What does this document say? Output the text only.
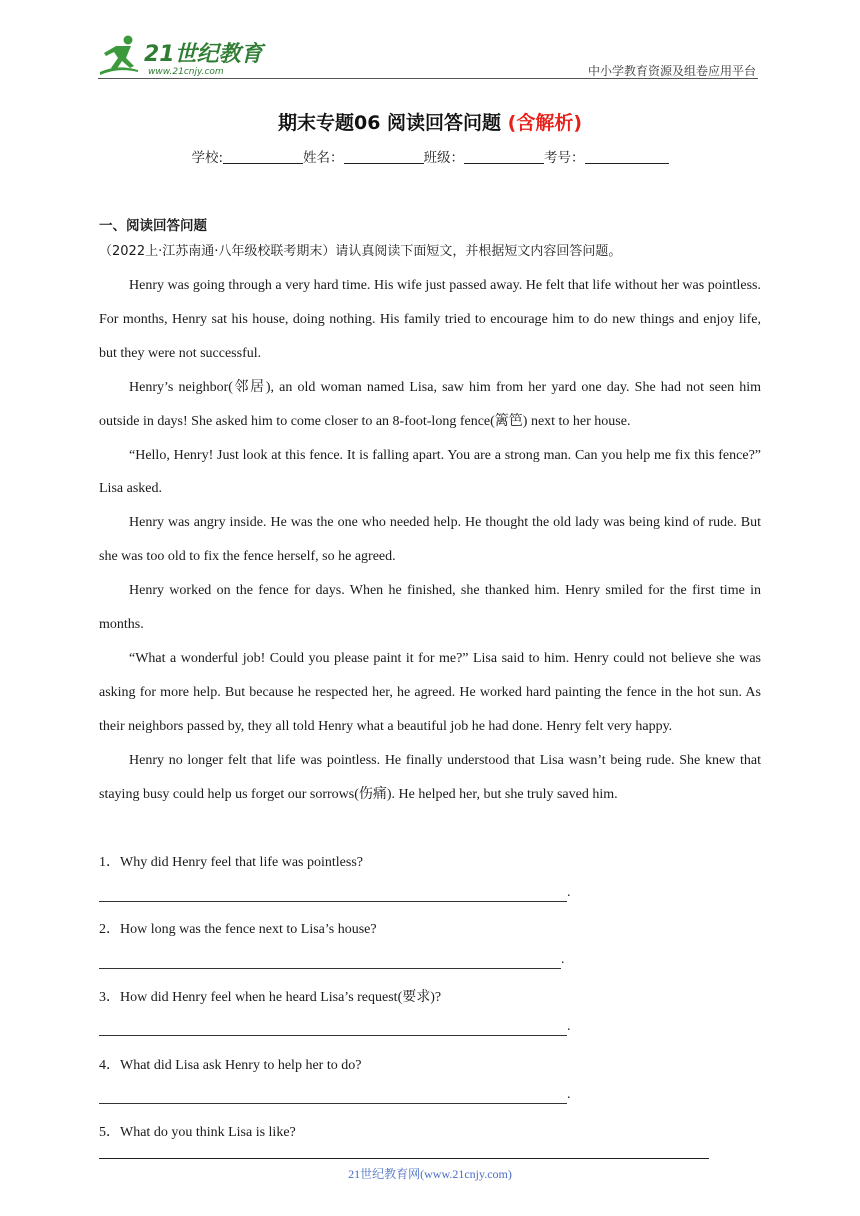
21世纪教育
www.21cnjy.com	中小学教育资源及组卷应用平台
期末专题06 阅读回答问题 (含解析)
学校:	姓名：	班级：	考号：
一、阅读回答问题
（2022上·江苏南通·八年级校联考期末）请认真阅读下面短文，并根据短文内容回答问题。

Henry was going through a very hard time. His wife just passed away. He felt that life without her was pointless. For months, Henry sat his house, doing nothing. His family tried to encourage him to do new things and enjoy life, but they were not successful.

Henry’s neighbor(邻居), an old woman named Lisa, saw him from her yard one day. She had not seen him outside in days! She asked him to come closer to an 8-foot-long fence(篱笆) next to her house.

“Hello, Henry! Just look at this fence. It is falling apart. You are a strong man. Can you help me fix this fence?” Lisa asked.

Henry was angry inside. He was the one who needed help. He thought the old lady was being kind of rude. But she was too old to fix the fence herself, so he agreed.

Henry worked on the fence for days. When he finished, she thanked him. Henry smiled for the first time in months.

“What a wonderful job! Could you please paint it for me?” Lisa said to him. Henry could not believe she was asking for more help. But because he respected her, he agreed. He worked hard painting the fence in the hot sun. As their neighbors passed by, they all told Henry what a beautiful job he had done. Henry felt very happy.

Henry no longer felt that life was pointless. He finally understood that Lisa wasn’t being rude. She knew that staying busy could help us forget our sorrows(伤痛). He helped her, but she truly saved him.

1．Why did Henry feel that life was pointless?
.
2．How long was the fence next to Lisa’s house?
.
3．How did Henry feel when he heard Lisa’s request(要求)?
.
4．What did Lisa ask Henry to help her to do?
.
5．What do you think Lisa is like?
21世纪教育网(www.21cnjy.com)
